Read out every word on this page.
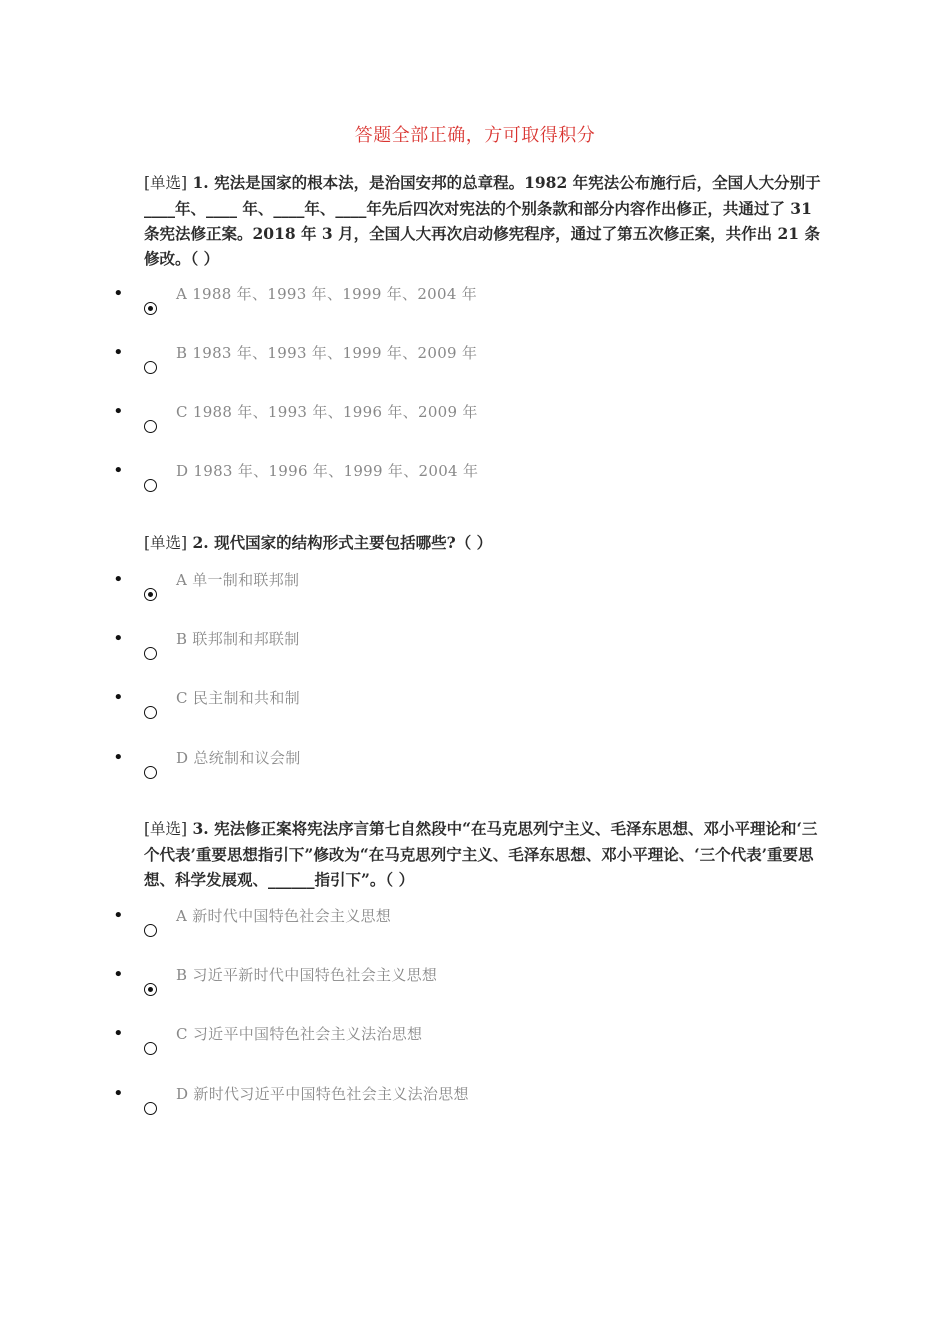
答题全部正确，方可取得积分

[单选] 1. 宪法是国家的根本法，是治国安邦的总章程。1982 年宪法公布施行后，全国人大分别于____年、____ 年、____年、____年先后四次对宪法的个别条款和部分内容作出修正，共通过了 31 条宪法修正案。2018 年 3 月，全国人大再次启动修宪程序，通过了第五次修正案，共作出 21 条修改。（ ）

•	A 1988 年、1993 年、1999 年、2004 年
•	B 1983 年、1993 年、1999 年、2009 年
•	C 1988 年、1993 年、1996 年、2009 年
•	D 1983 年、1996 年、1999 年、2004 年

[单选] 2. 现代国家的结构形式主要包括哪些?（ ）

•	A 单一制和联邦制
•	B 联邦制和邦联制
•	C 民主制和共和制
•	D 总统制和议会制

[单选] 3. 宪法修正案将宪法序言第七自然段中“在马克思列宁主义、毛泽东思想、邓小平理论和‘三个代表’重要思想指引下”修改为“在马克思列宁主义、毛泽东思想、邓小平理论、‘三个代表’重要思想、科学发展观、______指引下”。（ ）

•	A 新时代中国特色社会主义思想
•	B 习近平新时代中国特色社会主义思想
•	C 习近平中国特色社会主义法治思想
•	D 新时代习近平中国特色社会主义法治思想
